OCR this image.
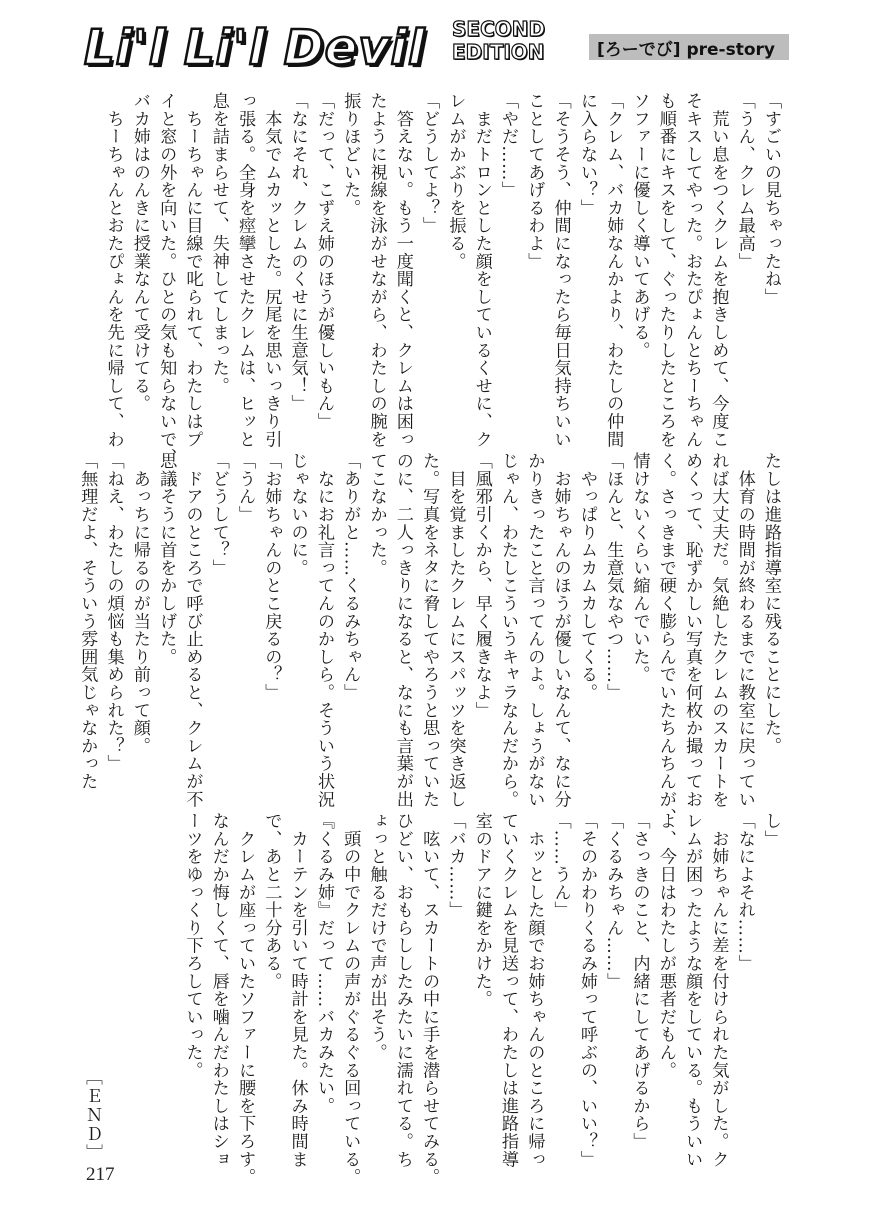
Li'l Li'l Devil SECOND
EDITION	[ろーでび] pre-story
「すごいの見ちゃったね」
「うん、クレム最高」
　荒い息をつくクレムを抱きしめて、今度こ
そキスしてやった。おたぴょんとちーちゃん
も順番にキスをして、ぐったりしたところを
ソファーに優しく導いてあげる。
「クレム、バカ姉なんかより、わたしの仲間
に入らない？」
「そうそう、仲間になったら毎日気持ちいい
ことしてあげるわよ」
「やだ……」
　まだトロンとした顔をしているくせに、ク
レムがかぶりを振る。
「どうしてよ？」
　答えない。もう一度聞くと、クレムは困っ
たように視線を泳がせながら、わたしの腕を
振りほどいた。
「だって、こずえ姉のほうが優しいもん」
「なにそれ、クレムのくせに生意気！」
　本気でムカッとした。尻尾を思いっきり引
っ張る。全身を痙攣させたクレムは、ヒッと
息を詰まらせて、失神してしまった。
　ちーちゃんに目線で叱られて、わたしはプ
イと窓の外を向いた。ひとの気も知らないで、
バカ姉はのんきに授業なんて受けてる。
　ちーちゃんとおたぴょんを先に帰して、わ
たしは進路指導室に残ることにした。
　体育の時間が終わるまでに教室に戻ってい
れば大丈夫だ。気絶したクレムのスカートを
めくって、恥ずかしい写真を何枚か撮ってお
く。さっきまで硬く膨らんでいたちんちんが、
情けないくらい縮んでいた。
「ほんと、生意気なやつ……」
　やっぱりムカムカしてくる。
　お姉ちゃんのほうが優しいなんて、なに分
かりきったこと言ってんのよ。しょうがない
じゃん、わたしこういうキャラなんだから。
「風邪引くから、早く履きなよ」
　目を覚ましたクレムにスパッツを突き返し
た。写真をネタに脅してやろうと思っていた
のに、二人っきりになると、なにも言葉が出
てこなかった。
「ありがと……くるみちゃん」
　なにお礼言ってんのかしら。そういう状況
じゃないのに。
「お姉ちゃんのとこ戻るの？」
「うん」
「どうして？」
　ドアのところで呼び止めると、クレムが不
思議そうに首をかしげた。
　あっちに帰るのが当たり前って顔。
「ねえ、わたしの煩悩も集められた？」
「無理だよ、そういう雰囲気じゃなかった
し」
「なによそれ……」
　お姉ちゃんに差を付けられた気がした。ク
レムが困ったような顔をしている。もういい
よ、今日はわたしが悪者だもん。
「さっきのこと、内緒にしてあげるから」
「くるみちゃん……」
「そのかわりくるみ姉って呼ぶの、いい？」
「……うん」
　ホッとした顔でお姉ちゃんのところに帰っ
ていくクレムを見送って、わたしは進路指導
室のドアに鍵をかけた。
「バカ……」
　呟いて、スカートの中に手を潜らせてみる。
ひどい、おもらししたみたいに濡れてる。ち
ょっと触るだけで声が出そう。
　頭の中でクレムの声がぐるぐる回っている。
『くるみ姉』だって……バカみたい。
　カーテンを引いて時計を見た。休み時間ま
で、あと二十分ある。
　クレムが座っていたソファーに腰を下ろす。
なんだか悔しくて、唇を噛んだわたしはショ
ーツをゆっくり下ろしていった。
［ＥＮＤ］
217
